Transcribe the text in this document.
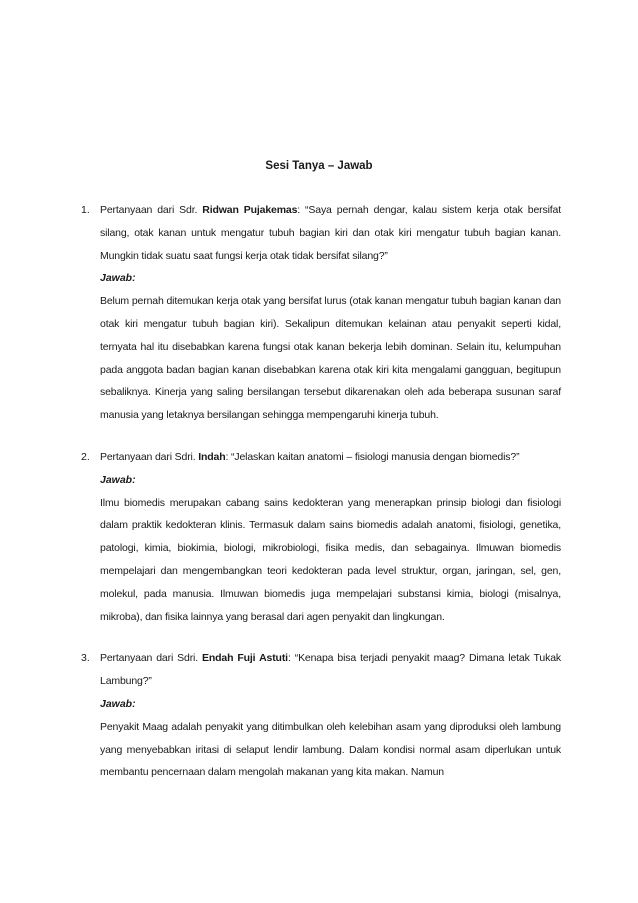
Sesi Tanya – Jawab
1. Pertanyaan dari Sdr. Ridwan Pujakemas: “Saya pernah dengar, kalau sistem kerja otak bersifat silang, otak kanan untuk mengatur tubuh bagian kiri dan otak kiri mengatur tubuh bagian kanan. Mungkin tidak suatu saat fungsi kerja otak tidak bersifat silang?”

Jawab:

Belum pernah ditemukan kerja otak yang bersifat lurus (otak kanan mengatur tubuh bagian kanan dan otak kiri mengatur tubuh bagian kiri). Sekalipun ditemukan kelainan atau penyakit seperti kidal, ternyata hal itu disebabkan karena fungsi otak kanan bekerja lebih dominan. Selain itu, kelumpuhan pada anggota badan bagian kanan disebabkan karena otak kiri kita mengalami gangguan, begitupun sebaliknya. Kinerja yang saling bersilangan tersebut dikarenakan oleh ada beberapa susunan saraf manusia yang letaknya bersilangan sehingga mempengaruhi kinerja tubuh.

2. Pertanyaan dari Sdri. Indah: “Jelaskan kaitan anatomi – fisiologi manusia dengan biomedis?”

Jawab:

Ilmu biomedis merupakan cabang sains kedokteran yang menerapkan prinsip biologi dan fisiologi dalam praktik kedokteran klinis. Termasuk dalam sains biomedis adalah anatomi, fisiologi, genetika, patologi, kimia, biokimia, biologi, mikrobiologi, fisika medis, dan sebagainya. Ilmuwan biomedis mempelajari dan mengembangkan teori kedokteran pada level struktur, organ, jaringan, sel, gen, molekul, pada manusia. Ilmuwan biomedis juga mempelajari substansi kimia, biologi (misalnya, mikroba), dan fisika lainnya yang berasal dari agen penyakit dan lingkungan.

3. Pertanyaan dari Sdri. Endah Fuji Astuti: “Kenapa bisa terjadi penyakit maag? Dimana letak Tukak Lambung?”

Jawab:

Penyakit Maag adalah penyakit yang ditimbulkan oleh kelebihan asam yang diproduksi oleh lambung yang menyebabkan iritasi di selaput lendir lambung. Dalam kondisi normal asam diperlukan untuk membantu pencernaan dalam mengolah makanan yang kita makan. Namun
